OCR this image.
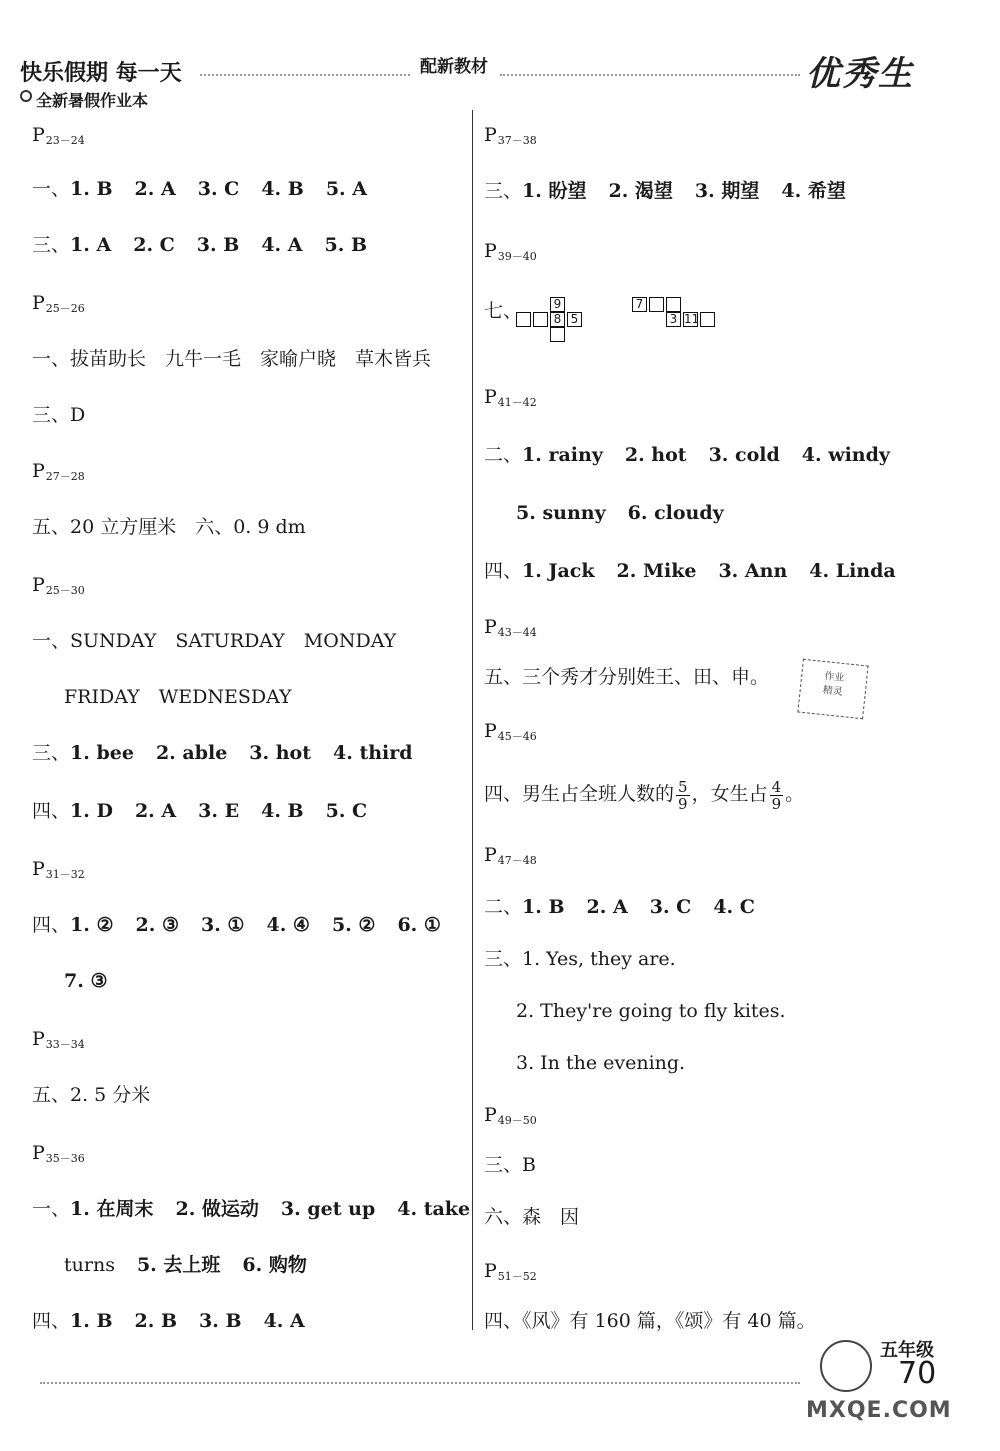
快乐假期 每一天
全新暑假作业本
配新教材	优秀生
$P_{23-24}$
一、1. B 2. A 3. C 4. B 5. A
三、1. A 2. C 3. B 4. A 5. B
$P_{25-26}$
一、拔苗助长　九牛一毛　家喻户晓　草木皆兵
三、D
$P_{27-28}$
五、20 立方厘米　六、0. 9 dm
$P_{25-30}$
一、SUNDAY　SATURDAY　MONDAY
FRIDAY　WEDNESDAY
三、1. bee 2. able 3. hot 4. third
四、1. D 2. A 3. E 4. B 5. C
$P_{31-32}$
四、1. ② 2. ③ 3. ① 4. ④ 5. ② 6. ①
7. ③
$P_{33-34}$
五、2. 5 分米
$P_{35-36}$
一、1. 在周末 2. 做运动 3. get up 4. take
turns 5. 去上班 6. 购物
四、1. B 2. B 3. B 4. A
$P_{37-38}$
三、1. 盼望 2. 渴望 3. 期望 4. 希望
$P_{39-40}$
七、	9
8 5
7
3 11
$P_{41-42}$
二、1. rainy 2. hot 3. cold 4. windy
5. sunny 6. cloudy
四、1. Jack 2. Mike 3. Ann 4. Linda
$P_{43-44}$
五、三个秀才分别姓王、田、申。	作业
精灵
$P_{45-46}$
四、男生占全班人数的 $\frac{5}{9}$ ，女生占 $\frac{4}{9}$ 。
$P_{47-48}$
二、1. B 2. A 3. C 4. C
三、1. Yes, they are.
2. They're going to fly kites.
3. In the evening.
$P_{49-50}$
三、B
六、森　因
$P_{51-52}$
四、《风》有 160 篇，《颂》有 40 篇。
五年级
70
MXQE.COM
